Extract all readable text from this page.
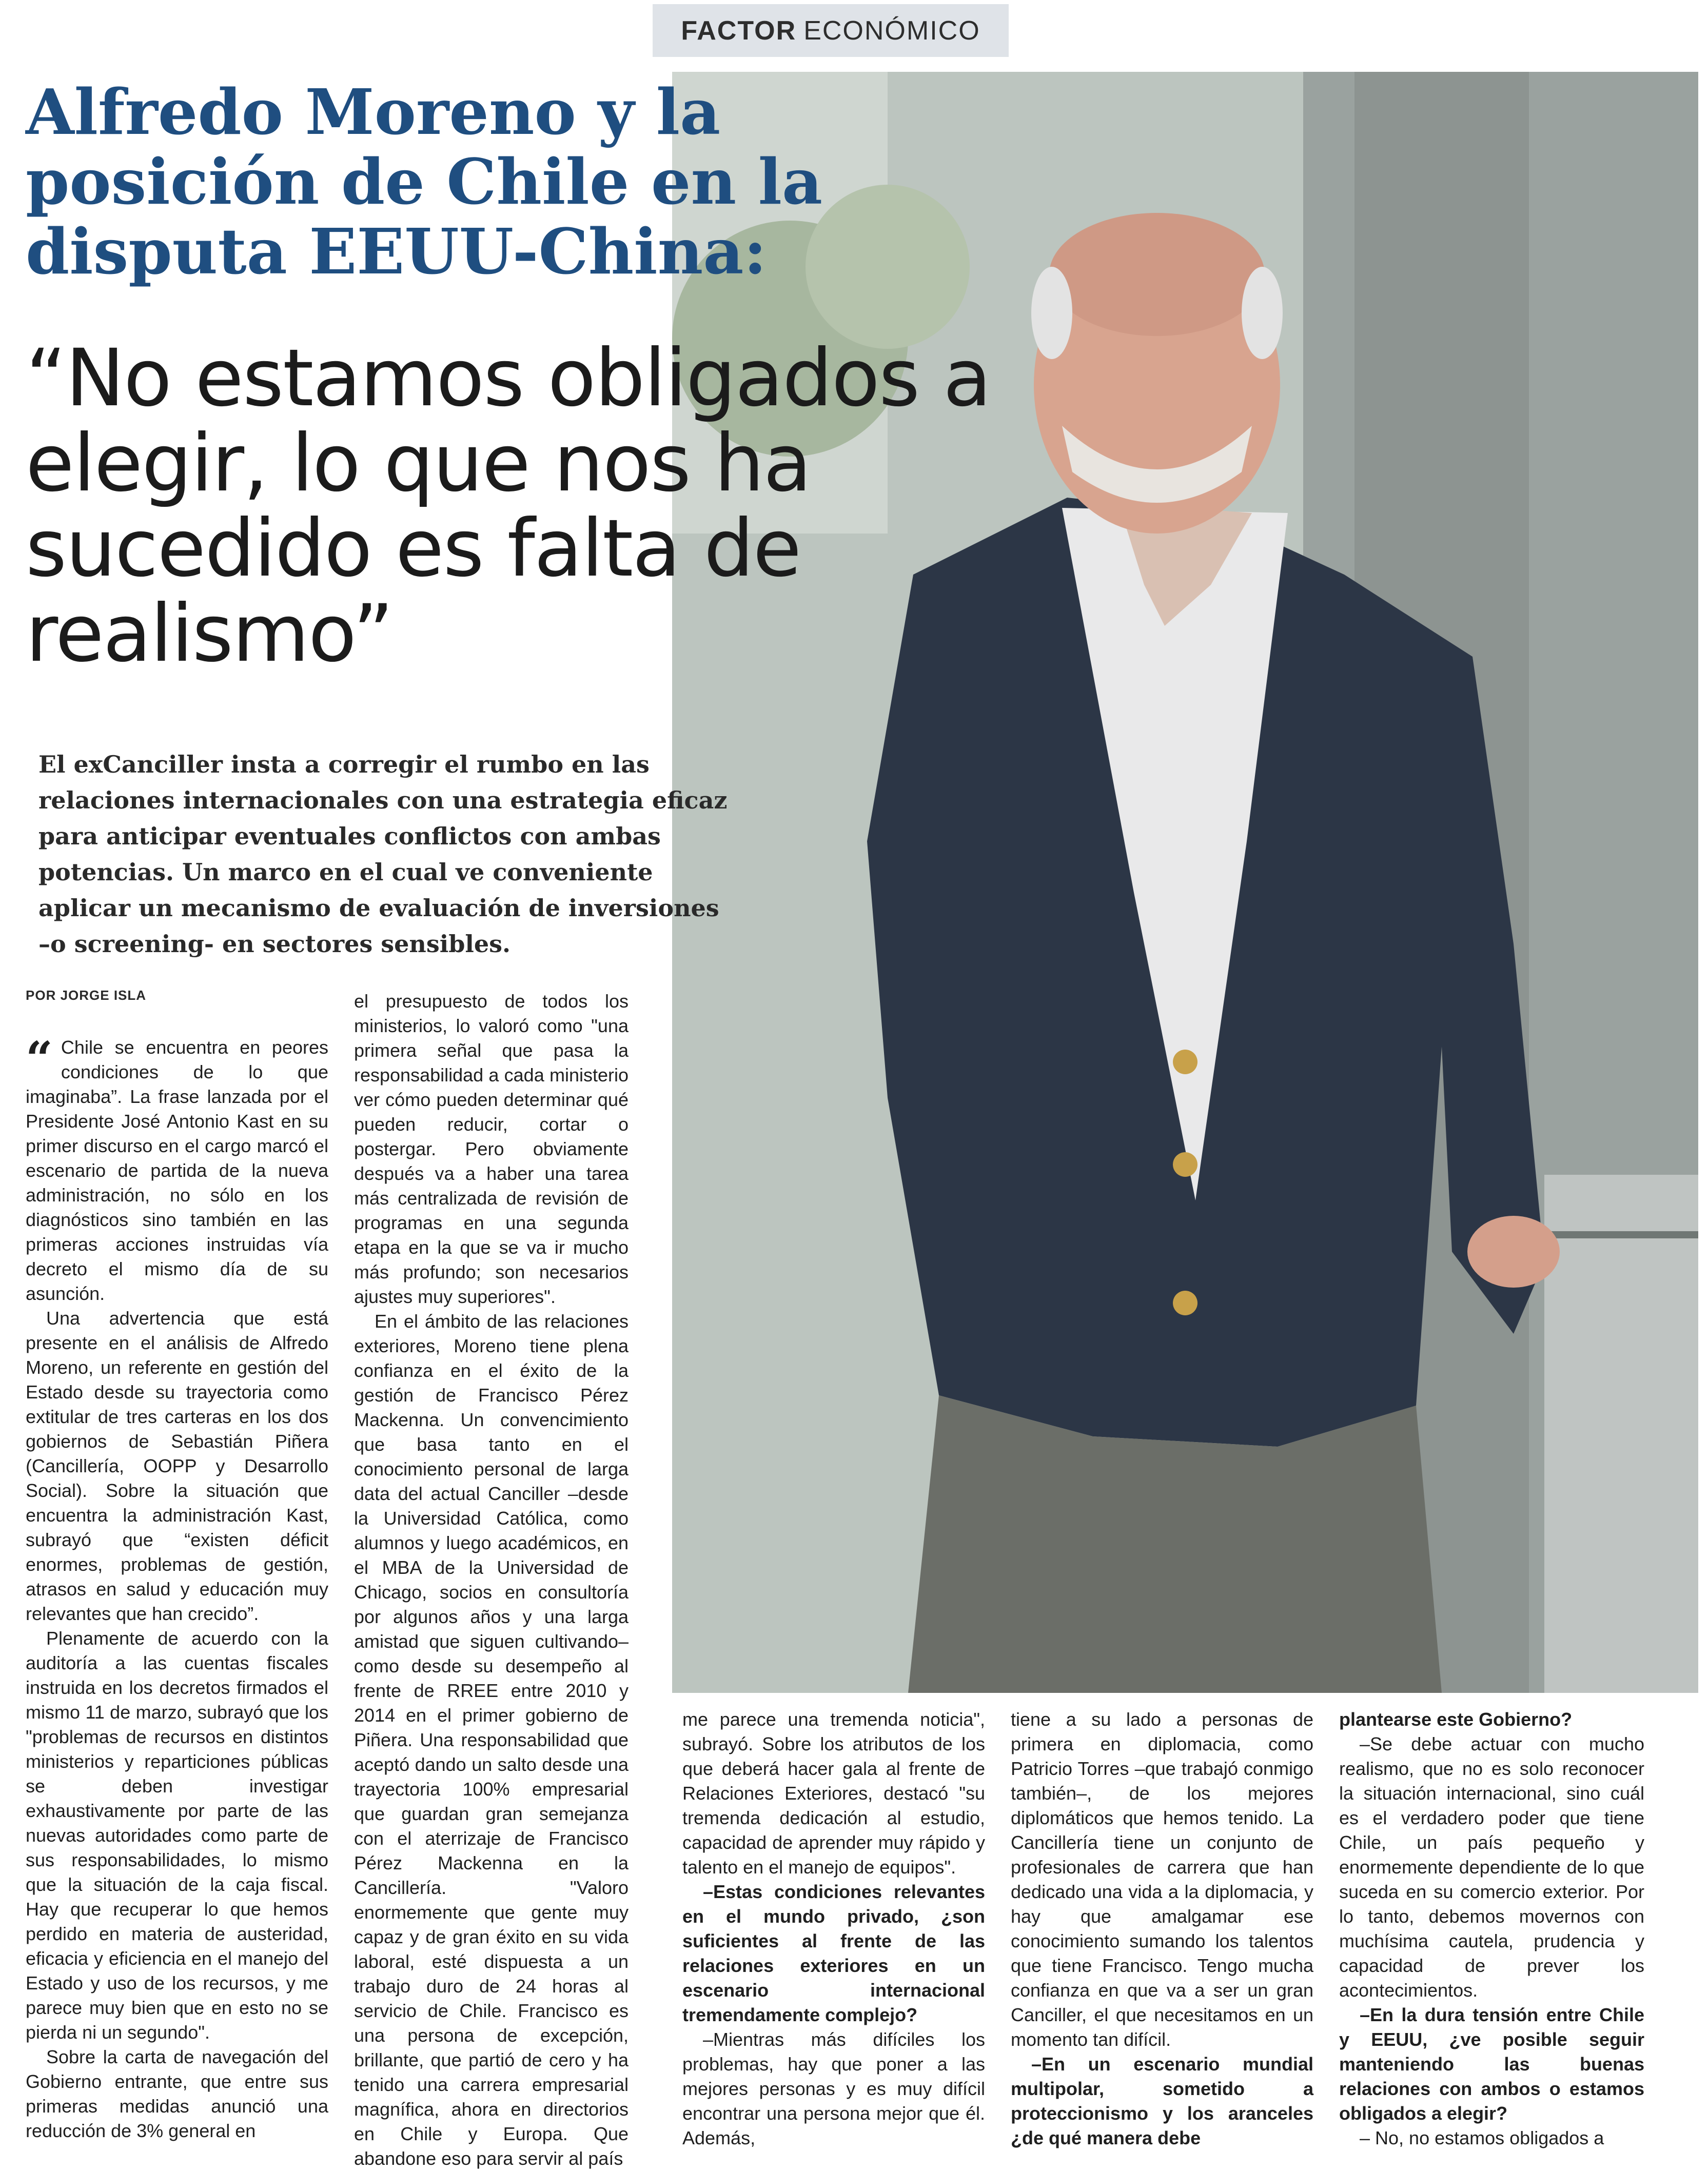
FACTOR ECONÓMICO
Alfredo Moreno y la posición de Chile en la disputa EEUU-China:
“No estamos obligados a elegir, lo que nos ha sucedido es falta de realismo”

El exCanciller insta a corregir el rumbo en las relaciones internacionales con una estrategia eficaz para anticipar eventuales conflictos con ambas potencias. Un marco en el cual ve conveniente aplicar un mecanismo de evaluación de inversiones –o screening- en sectores sensibles.

POR JORGE ISLA	el presupuesto de todos los ministerios, lo valoró como "una primera señal que pasa la responsabilidad a cada ministerio ver cómo pueden determinar qué pueden reducir, cortar o postergar. Pero obviamente después va a haber una tarea más centralizada de revisión de programas en una segunda etapa en la que se va ir mucho más profundo; son necesarios ajustes muy superiores".

En el ámbito de las relaciones exteriores, Moreno tiene plena confianza en el éxito de la gestión de Francisco Pérez Mackenna. Un convencimiento que basa tanto en el conocimiento personal de larga data del actual Canciller –desde la Universidad Católica, como alumnos y luego académicos, en el MBA de la Universidad de Chicago, socios en consultoría por algunos años y una larga amistad que siguen cultivando– como desde su desempeño al frente de RREE entre 2010 y 2014 en el primer gobierno de Piñera. Una responsabilidad que aceptó dando un salto desde una trayectoria 100% empresarial que guardan gran semejanza con el aterrizaje de Francisco Pérez Mackenna en la Cancillería. "Valoro enormemente que gente muy capaz y de gran éxito en su vida laboral, esté dispuesta a un trabajo duro de 24 horas al servicio de Chile. Francisco es una persona de excepción, brillante, que partió de cero y ha tenido una carrera empresarial magnífica, ahora en directorios en Chile y Europa. Que abandone eso para servir al país

“ Chile se encuentra en peores condiciones de lo que imaginaba”. La frase lanzada por el Presidente José Antonio Kast en su primer discurso en el cargo marcó el escenario de partida de la nueva administración, no sólo en los diagnósticos sino también en las primeras acciones instruidas vía decreto el mismo día de su asunción.

Una advertencia que está presente en el análisis de Alfredo Moreno, un referente en gestión del Estado desde su trayectoria como extitular de tres carteras en los dos gobiernos de Sebastián Piñera (Cancillería, OOPP y Desarrollo Social). Sobre la situación que encuentra la administración Kast, subrayó que “existen déficit enormes, problemas de gestión, atrasos en salud y educación muy relevantes que han crecido”.

Plenamente de acuerdo con la auditoría a las cuentas fiscales instruida en los decretos firmados el mismo 11 de marzo, subrayó que los "problemas de recursos en distintos ministerios y reparticiones públicas se deben investigar exhaustivamente por parte de las nuevas autoridades como parte de sus responsabilidades, lo mismo que la situación de la caja fiscal. Hay que recuperar lo que hemos perdido en materia de austeridad, eficacia y eficiencia en el manejo del Estado y uso de los recursos, y me parece muy bien que en esto no se pierda ni un segundo".

Sobre la carta de navegación del Gobierno entrante, que entre sus primeras medidas anunció una reducción de 3% general en

me parece una tremenda noticia", subrayó. Sobre los atributos de los que deberá hacer gala al frente de Relaciones Exteriores, destacó "su tremenda dedicación al estudio, capacidad de aprender muy rápido y talento en el manejo de equipos".

–Estas condiciones relevantes en el mundo privado, ¿son suficientes al frente de las relaciones exteriores en un escenario internacional tremendamente complejo?

–Mientras más difíciles los problemas, hay que poner a las mejores personas y es muy difícil encontrar una persona mejor que él. Además,

tiene a su lado a personas de primera en diplomacia, como Patricio Torres –que trabajó conmigo también–, de los mejores diplomáticos que hemos tenido. La Cancillería tiene un conjunto de profesionales de carrera que han dedicado una vida a la diplomacia, y hay que amalgamar ese conocimiento sumando los talentos que tiene Francisco. Tengo mucha confianza en que va a ser un gran Canciller, el que necesitamos en un momento tan difícil.

–En un escenario mundial multipolar, sometido a proteccionismo y los aranceles ¿de qué manera debe

plantearse este Gobierno?

–Se debe actuar con mucho realismo, que no es solo reconocer la situación internacional, sino cuál es el verdadero poder que tiene Chile, un país pequeño y enormemente dependiente de lo que suceda en su comercio exterior. Por lo tanto, debemos movernos con muchísima cautela, prudencia y capacidad de prever los acontecimientos.

–En la dura tensión entre Chile y EEUU, ¿ve posible seguir manteniendo las buenas relaciones con ambos o estamos obligados a elegir?

– No, no estamos obligados a
